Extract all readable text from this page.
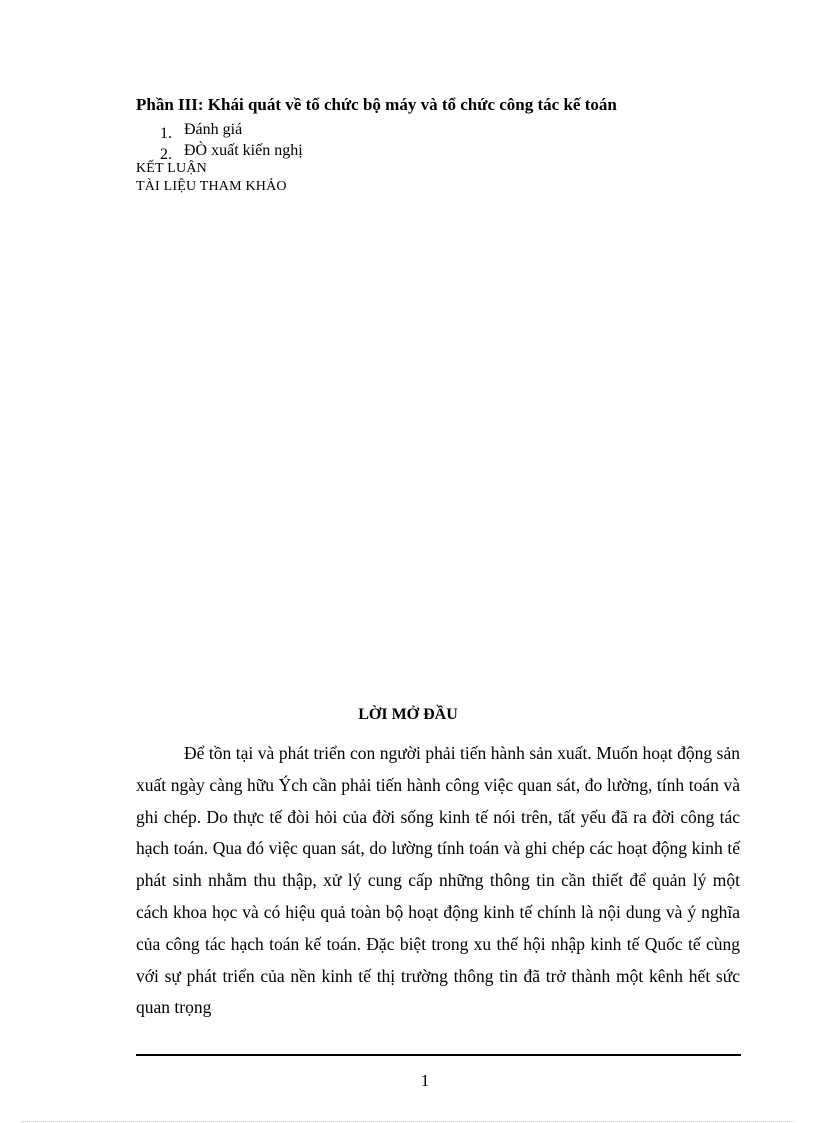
Phần III: Khái quát về tổ chức bộ máy và tổ chức công tác kế toán
1. Đánh giá
2. ĐÒ xuất kiến nghị

KẾT LUẬN

TÀI LIỆU THAM KHẢO

LỜI MỞ ĐẦU

Để tồn tại và phát triển con người phải tiến hành sản xuất. Muốn hoạt động sản xuất ngày càng hữu Ých cần phải tiến hành công việc quan sát, đo lường, tính toán và ghi chép. Do thực tế đòi hỏi của đời sống kinh tế nói trên, tất yếu đã ra đời công tác hạch toán. Qua đó việc quan sát, do lường tính toán và ghi chép các hoạt động kinh tế phát sinh nhằm thu thập, xử lý cung cấp những thông tin cần thiết để quản lý một cách khoa học và có hiệu quả toàn bộ hoạt động kinh tế chính là nội dung và ý nghĩa của công tác hạch toán kế toán. Đặc biệt trong xu thế hội nhập kinh tế Quốc tế cùng với sự phát triển của nền kinh tế thị trường thông tin đã trở thành một kênh hết sức quan trọng

1
